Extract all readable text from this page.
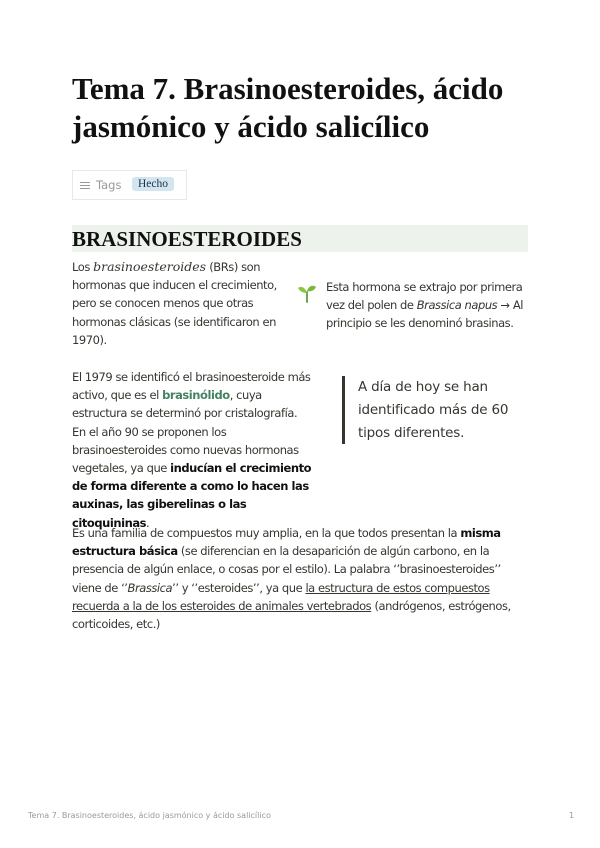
Tema 7. Brasinoesteroides, ácido jasmónico y ácido salicílico
Tags	Hecho
BRASINOESTEROIDES
Los brasinoesteroides (BRs) son hormonas que inducen el crecimiento, pero se conocen menos que otras hormonas clásicas (se identificaron en 1970).
Esta hormona se extrajo por primera vez del polen de Brassica napus → Al principio se les denominó brasinas.
El 1979 se identificó el brasinoesteroide más activo, que es el brasinólido, cuya estructura se determinó por cristalografía. En el año 90 se proponen los brasinoesteroides como nuevas hormonas vegetales, ya que inducían el crecimiento de forma diferente a como lo hacen las auxinas, las giberelinas o las citoquininas.
A día de hoy se han identificado más de 60 tipos diferentes.
Es una familia de compuestos muy amplia, en la que todos presentan la misma estructura básica (se diferencian en la desaparición de algún carbono, en la presencia de algún enlace, o cosas por el estilo). La palabra ‘’brasinoesteroides’’ viene de ‘’Brassica’’ y ‘’esteroides’’, ya que la estructura de estos compuestos recuerda a la de los esteroides de animales vertebrados (andrógenos, estrógenos, corticoides, etc.)
Tema 7. Brasinoesteroides, ácido jasmónico y ácido salicílico	1
